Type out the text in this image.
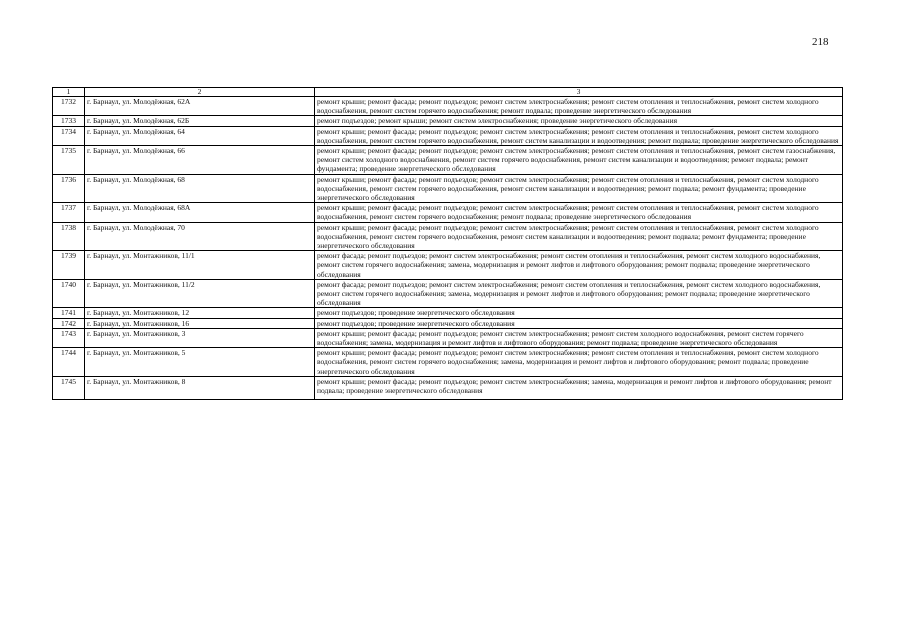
218
1	2	3
1732	г. Барнаул, ул. Молодёжная, 62А	ремонт крыши; ремонт фасада; ремонт подъездов; ремонт систем электроснабжения; ремонт систем отопления и теплоснабжения, ремонт систем холодного водоснабжения, ремонт систем горячего водоснабжения; ремонт подвала; проведение энергетического обследования
1733	г. Барнаул, ул. Молодёжная, 62Б	ремонт подъездов; ремонт крыши; ремонт систем электроснабжения; проведение энергетического обследования
1734	г. Барнаул, ул. Молодёжная, 64	ремонт крыши; ремонт фасада; ремонт подъездов; ремонт систем электроснабжения; ремонт систем отопления и теплоснабжения, ремонт систем холодного водоснабжения, ремонт систем горячего водоснабжения, ремонт систем канализации и водоотведения; ремонт подвала; проведение энергетического обследования
1735	г. Барнаул, ул. Молодёжная, 66	ремонт крыши; ремонт фасада; ремонт подъездов; ремонт систем электроснабжения; ремонт систем отопления и теплоснабжения, ремонт систем газоснабжения, ремонт систем холодного водоснабжения, ремонт систем горячего водоснабжения, ремонт систем канализации и водоотведения; ремонт подвала; ремонт фундамента; проведение энергетического обследования
1736	г. Барнаул, ул. Молодёжная, 68	ремонт крыши; ремонт фасада; ремонт подъездов; ремонт систем электроснабжения; ремонт систем отопления и теплоснабжения, ремонт систем холодного водоснабжения, ремонт систем горячего водоснабжения, ремонт систем канализации и водоотведения; ремонт подвала; ремонт фундамента; проведение энергетического обследования
1737	г. Барнаул, ул. Молодёжная, 68А	ремонт крыши; ремонт фасада; ремонт подъездов; ремонт систем электроснабжения; ремонт систем отопления и теплоснабжения, ремонт систем холодного водоснабжения, ремонт систем горячего водоснабжения; ремонт подвала; проведение энергетического обследования
1738	г. Барнаул, ул. Молодёжная, 70	ремонт крыши; ремонт фасада; ремонт подъездов; ремонт систем электроснабжения; ремонт систем отопления и теплоснабжения, ремонт систем холодного водоснабжения, ремонт систем горячего водоснабжения, ремонт систем канализации и водоотведения; ремонт подвала; ремонт фундамента; проведение энергетического обследования
1739	г. Барнаул, ул. Монтажников, 11/1	ремонт фасада; ремонт подъездов; ремонт систем электроснабжения; ремонт систем отопления и теплоснабжения, ремонт систем холодного водоснабжения, ремонт систем горячего водоснабжения; замена, модернизация и ремонт лифтов и лифтового оборудования; ремонт подвала; проведение энергетического обследования
1740	г. Барнаул, ул. Монтажников, 11/2	ремонт фасада; ремонт подъездов; ремонт систем электроснабжения; ремонт систем отопления и теплоснабжения, ремонт систем холодного водоснабжения, ремонт систем горячего водоснабжения; замена, модернизация и ремонт лифтов и лифтового оборудования; ремонт подвала; проведение энергетического обследования
1741	г. Барнаул, ул. Монтажников, 12	ремонт подъездов; проведение энергетического обследования
1742	г. Барнаул, ул. Монтажников, 16	ремонт подъездов; проведение энергетического обследования
1743	г. Барнаул, ул. Монтажников, 3	ремонт крыши; ремонт фасада; ремонт подъездов; ремонт систем электроснабжения; ремонт систем холодного водоснабжения, ремонт систем горячего водоснабжения; замена, модернизация и ремонт лифтов и лифтового оборудования; ремонт подвала; проведение энергетического обследования
1744	г. Барнаул, ул. Монтажников, 5	ремонт крыши; ремонт фасада; ремонт подъездов; ремонт систем электроснабжения; ремонт систем отопления и теплоснабжения, ремонт систем холодного водоснабжения, ремонт систем горячего водоснабжения; замена, модернизация и ремонт лифтов и лифтового оборудования; ремонт подвала; проведение энергетического обследования
1745	г. Барнаул, ул. Монтажников, 8	ремонт крыши; ремонт фасада; ремонт подъездов; ремонт систем электроснабжения; замена, модернизация и ремонт лифтов и лифтового оборудования; ремонт подвала; проведение энергетического обследования
